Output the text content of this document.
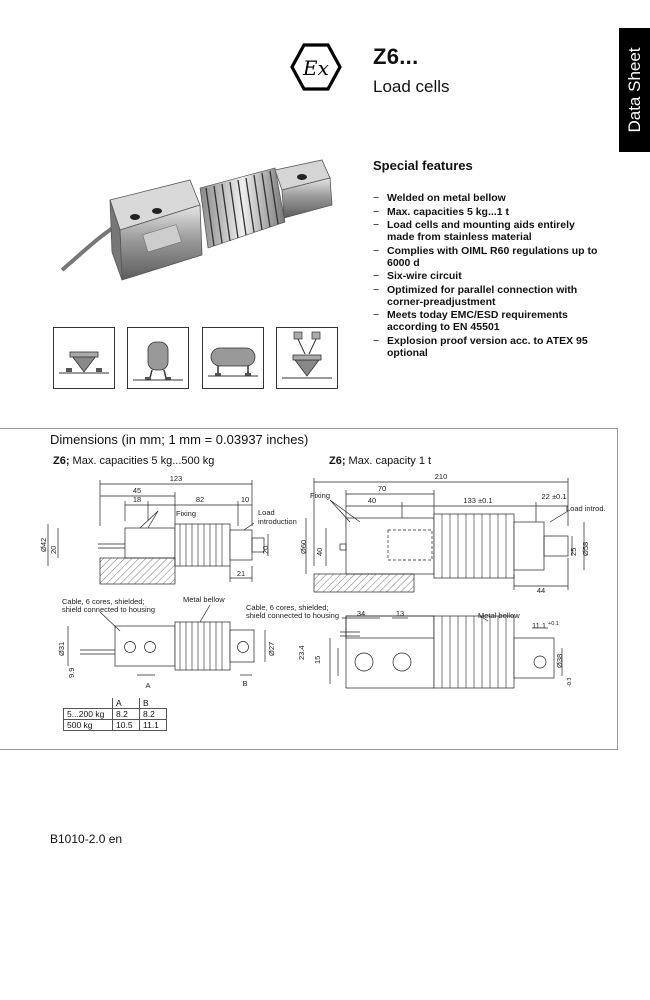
Ex Z6...
Load cells	Data Sheet
Special features
− Welded on metal bellow
− Max. capacities 5 kg...1 t
− Load cells and mounting aids entirely made from stainless material
− Complies with OIML R60 regulations up to 6000 d
− Six-wire circuit
− Optimized for parallel connection with corner-preadjustment
− Meets today EMC/ESD requirements according to EN 45501
− Explosion proof version acc. to ATEX 95 optional
Dimensions (in mm; 1 mm = 0.03937 inches)
Z6; Max. capacities 5 kg...500 kg	Z6; Max. capacity 1 t
123
45
18	82	10
Fixing	Load
introduction
Ø42 20	20
21
Cable, 6 cores, shielded;
shield connected to housing
Metal bellow
Ø31
9.9
Ø27
A	B
210
70
40	133 ±0.1	22 ±0.1
Fixing
Load introd.
Ø60 40	25 Ø58
44
Cable, 6 cores, shielded;
shield connected to housing 34	13	Metal bellow
23.4 15
11.1 +0.1
Ø38
-0.3
	A	B
5...200 kg	8.2	8.2
500 kg	10.5	11.1
B1010-2.0 en
